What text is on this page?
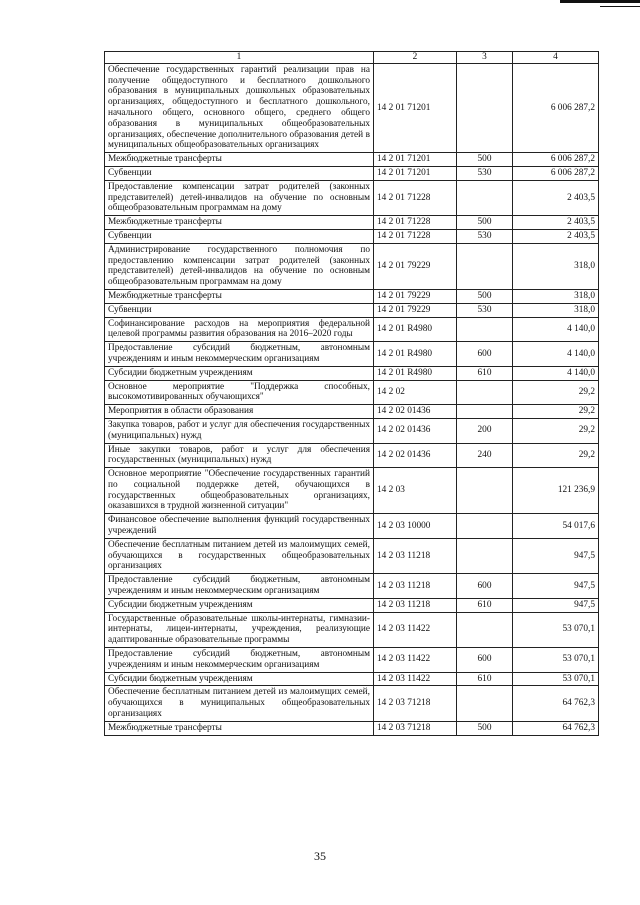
1	2	3	4
Обеспечение государственных гарантий реализации прав на получение общедоступного и бесплатного дошкольного образования в муниципальных дошкольных образовательных организациях, общедоступного и бесплатного дошкольного, начального общего, основного общего, среднего общего образования в муниципальных общеобразовательных организациях, обеспечение дополнительного образования детей в муниципальных общеобразовательных организациях	14 2 01 71201		6 006 287,2
Межбюджетные трансферты	14 2 01 71201	500	6 006 287,2
Субвенции	14 2 01 71201	530	6 006 287,2
Предоставление компенсации затрат родителей (законных представителей) детей-инвалидов на обучение по основным общеобразовательным программам на дому	14 2 01 71228		2 403,5
Межбюджетные трансферты	14 2 01 71228	500	2 403,5
Субвенции	14 2 01 71228	530	2 403,5
Администрирование государственного полномочия по предоставлению компенсации затрат родителей (законных представителей) детей-инвалидов на обучение по основным общеобразовательным программам на дому	14 2 01 79229		318,0
Межбюджетные трансферты	14 2 01 79229	500	318,0
Субвенции	14 2 01 79229	530	318,0
Софинансирование расходов на мероприятия федеральной целевой программы развития образования на 2016–2020 годы	14 2 01 R4980		4 140,0
Предоставление субсидий бюджетным, автономным учреждениям и иным некоммерческим организациям	14 2 01 R4980	600	4 140,0
Субсидии бюджетным учреждениям	14 2 01 R4980	610	4 140,0
Основное мероприятие "Поддержка способных, высокомотивированных обучающихся"	14 2 02		29,2
Мероприятия в области образования	14 2 02 01436		29,2
Закупка товаров, работ и услуг для обеспечения государственных (муниципальных) нужд	14 2 02 01436	200	29,2
Иные закупки товаров, работ и услуг для обеспечения государственных (муниципальных) нужд	14 2 02 01436	240	29,2
Основное мероприятие "Обеспечение государственных гарантий по социальной поддержке детей, обучающихся в государственных общеобразовательных организациях, оказавшихся в трудной жизненной ситуации"	14 2 03		121 236,9
Финансовое обеспечение выполнения функций государственных учреждений	14 2 03 10000		54 017,6
Обеспечение бесплатным питанием детей из малоимущих семей, обучающихся в государственных общеобразовательных организациях	14 2 03 11218		947,5
Предоставление субсидий бюджетным, автономным учреждениям и иным некоммерческим организациям	14 2 03 11218	600	947,5
Субсидии бюджетным учреждениям	14 2 03 11218	610	947,5
Государственные образовательные школы-интернаты, гимназии-интернаты, лицеи-интернаты, учреждения, реализующие адаптированные образовательные программы	14 2 03 11422		53 070,1
Предоставление субсидий бюджетным, автономным учреждениям и иным некоммерческим организациям	14 2 03 11422	600	53 070,1
Субсидии бюджетным учреждениям	14 2 03 11422	610	53 070,1
Обеспечение бесплатным питанием детей из малоимущих семей, обучающихся в муниципальных общеобразовательных организациях	14 2 03 71218		64 762,3
Межбюджетные трансферты	14 2 03 71218	500	64 762,3
35
